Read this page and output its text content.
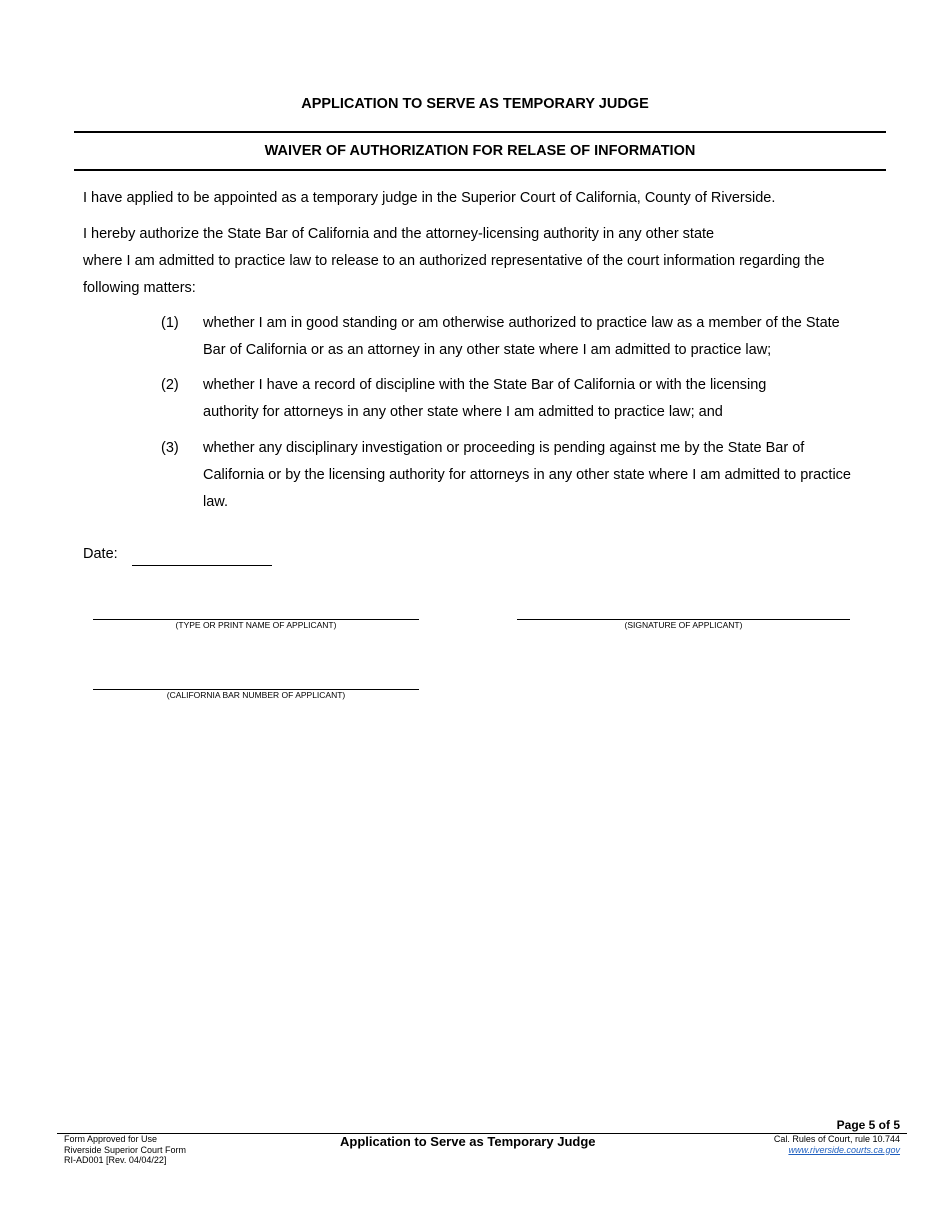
APPLICATION TO SERVE AS TEMPORARY JUDGE
WAIVER OF AUTHORIZATION FOR RELASE OF INFORMATION
I have applied to be appointed as a temporary judge in the Superior Court of California, County of Riverside.
I hereby authorize the State Bar of California and the attorney-licensing authority in any other state
where I am admitted to practice law to release to an authorized representative of the court information regarding the following matters:
(1) whether I am in good standing or am otherwise authorized to practice law as a member of the State Bar of California or as an attorney in any other state where I am admitted to practice law;
(2) whether I have a record of discipline with the State Bar of California or with the licensing authority for attorneys in any other state where I am admitted to practice law; and
(3) whether any disciplinary investigation or proceeding is pending against me by the State Bar of California or by the licensing authority for attorneys in any other state where I am admitted to practice law.
Date:
(TYPE OR PRINT NAME OF APPLICANT)	(SIGNATURE OF APPLICANT)
(CALIFORNIA BAR NUMBER OF APPLICANT)
Page 5 of 5
Form Approved for Use
Riverside Superior Court Form
RI-AD001 [Rev. 04/04/22]
Application to Serve as Temporary Judge	Cal. Rules of Court, rule 10.744
www.riverside.courts.ca.gov
